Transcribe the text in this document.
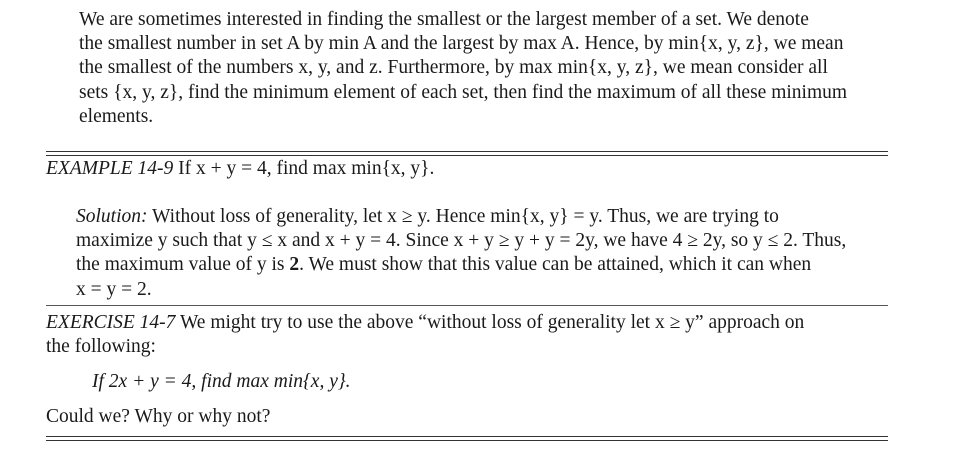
We are sometimes interested in finding the smallest or the largest member of a set. We denote
the smallest number in set A by min A and the largest by max A. Hence, by min{x, y, z}, we mean
the smallest of the numbers x, y, and z. Furthermore, by max min{x, y, z}, we mean consider all
sets {x, y, z}, find the minimum element of each set, then find the maximum of all these minimum
elements.
EXAMPLE 14-9 If x + y = 4, find max min{x, y}.
Solution: Without loss of generality, let x ≥ y. Hence min{x, y} = y. Thus, we are trying to
maximize y such that y ≤ x and x + y = 4. Since x + y ≥ y + y = 2y, we have 4 ≥ 2y, so y ≤ 2. Thus,
the maximum value of y is 2. We must show that this value can be attained, which it can when
x = y = 2.
EXERCISE 14-7 We might try to use the above “without loss of generality let x ≥ y” approach on
the following:
If 2x + y = 4, find max min{x, y}.
Could we? Why or why not?
